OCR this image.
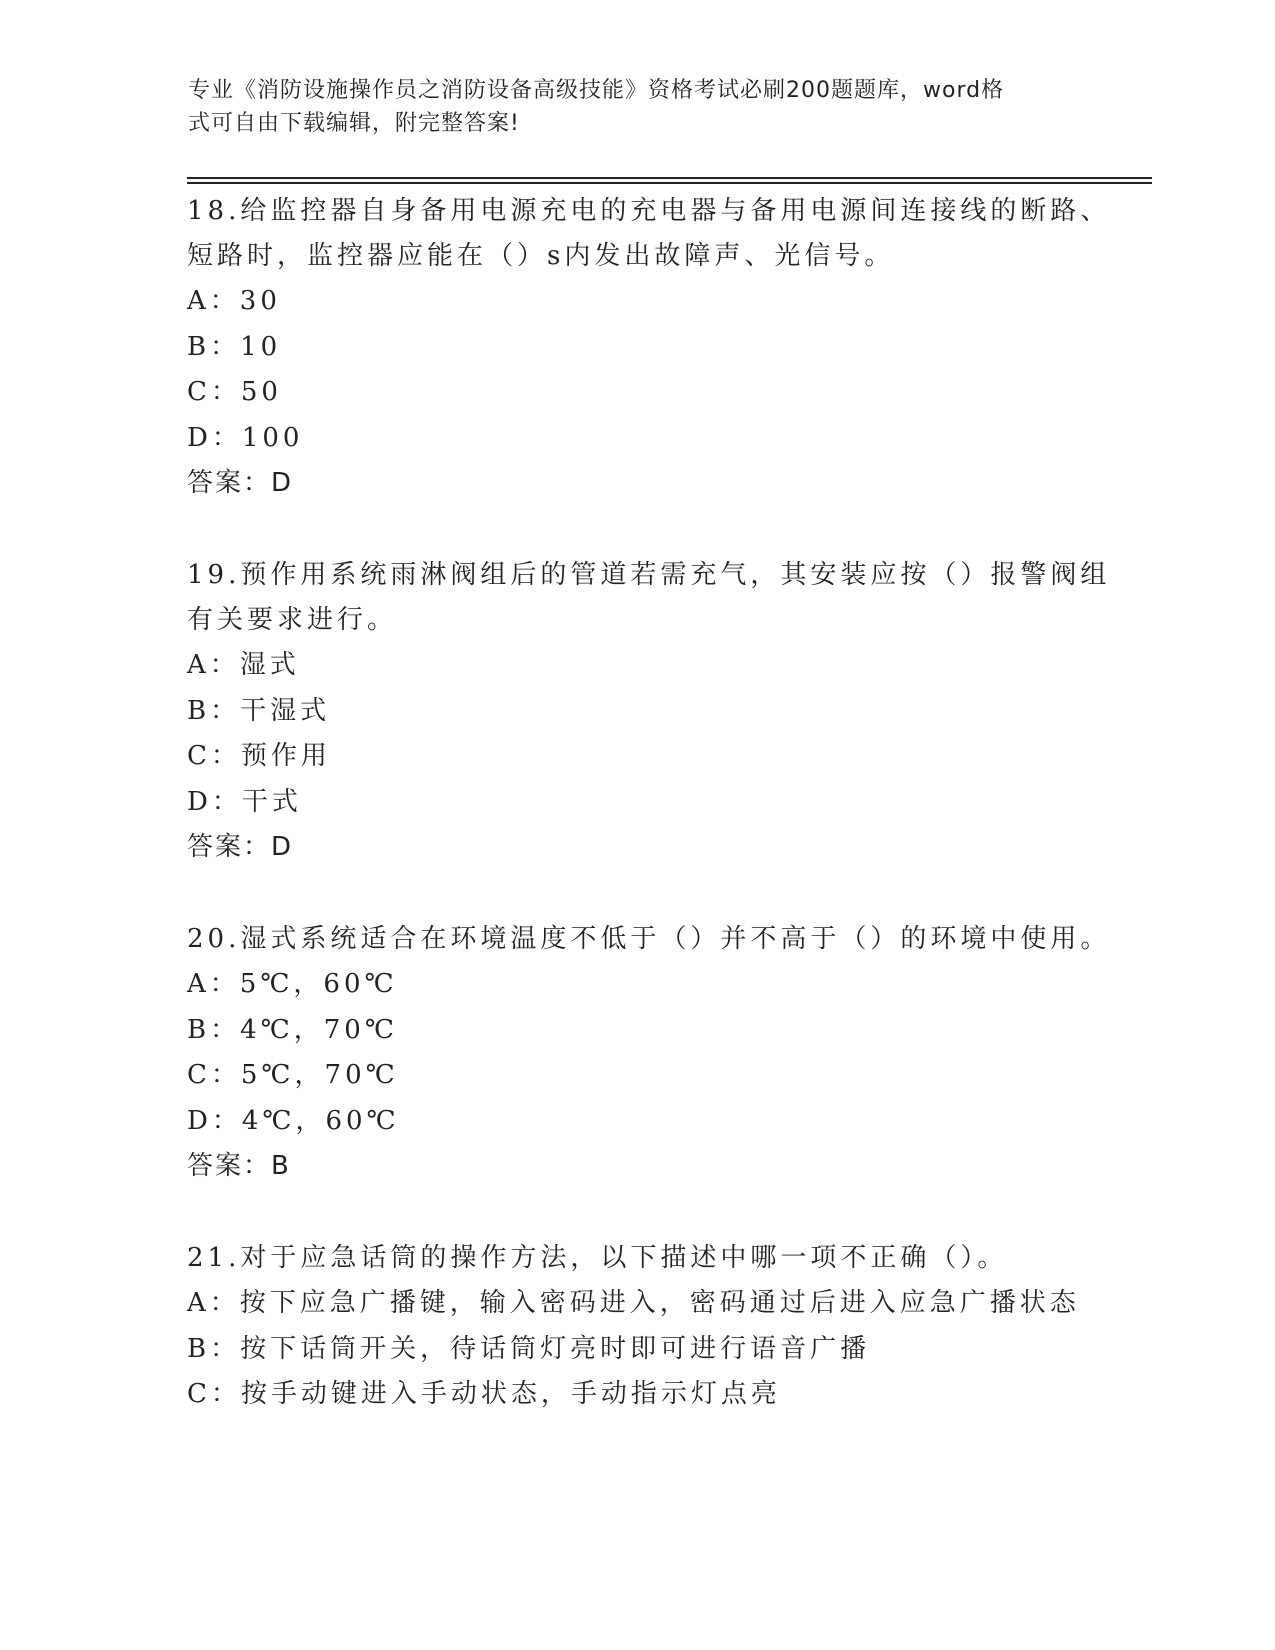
专业《消防设施操作员之消防设备高级技能》资格考试必刷200题题库，word格
式可自由下载编辑，附完整答案!
18.给监控器自身备用电源充电的充电器与备用电源间连接线的断路、
短路时，监控器应能在（）s内发出故障声、光信号。
A：30
B：10
C：50
D：100
答案：D
19.预作用系统雨淋阀组后的管道若需充气，其安装应按（）报警阀组
有关要求进行。
A：湿式
B：干湿式
C：预作用
D：干式
答案：D
20.湿式系统适合在环境温度不低于（）并不高于（）的环境中使用。
A：5℃，60℃
B：4℃，70℃
C：5℃，70℃
D：4℃，60℃
答案：B
21.对于应急话筒的操作方法，以下描述中哪一项不正确（）。
A：按下应急广播键，输入密码进入，密码通过后进入应急广播状态
B：按下话筒开关，待话筒灯亮时即可进行语音广播
C：按手动键进入手动状态，手动指示灯点亮
